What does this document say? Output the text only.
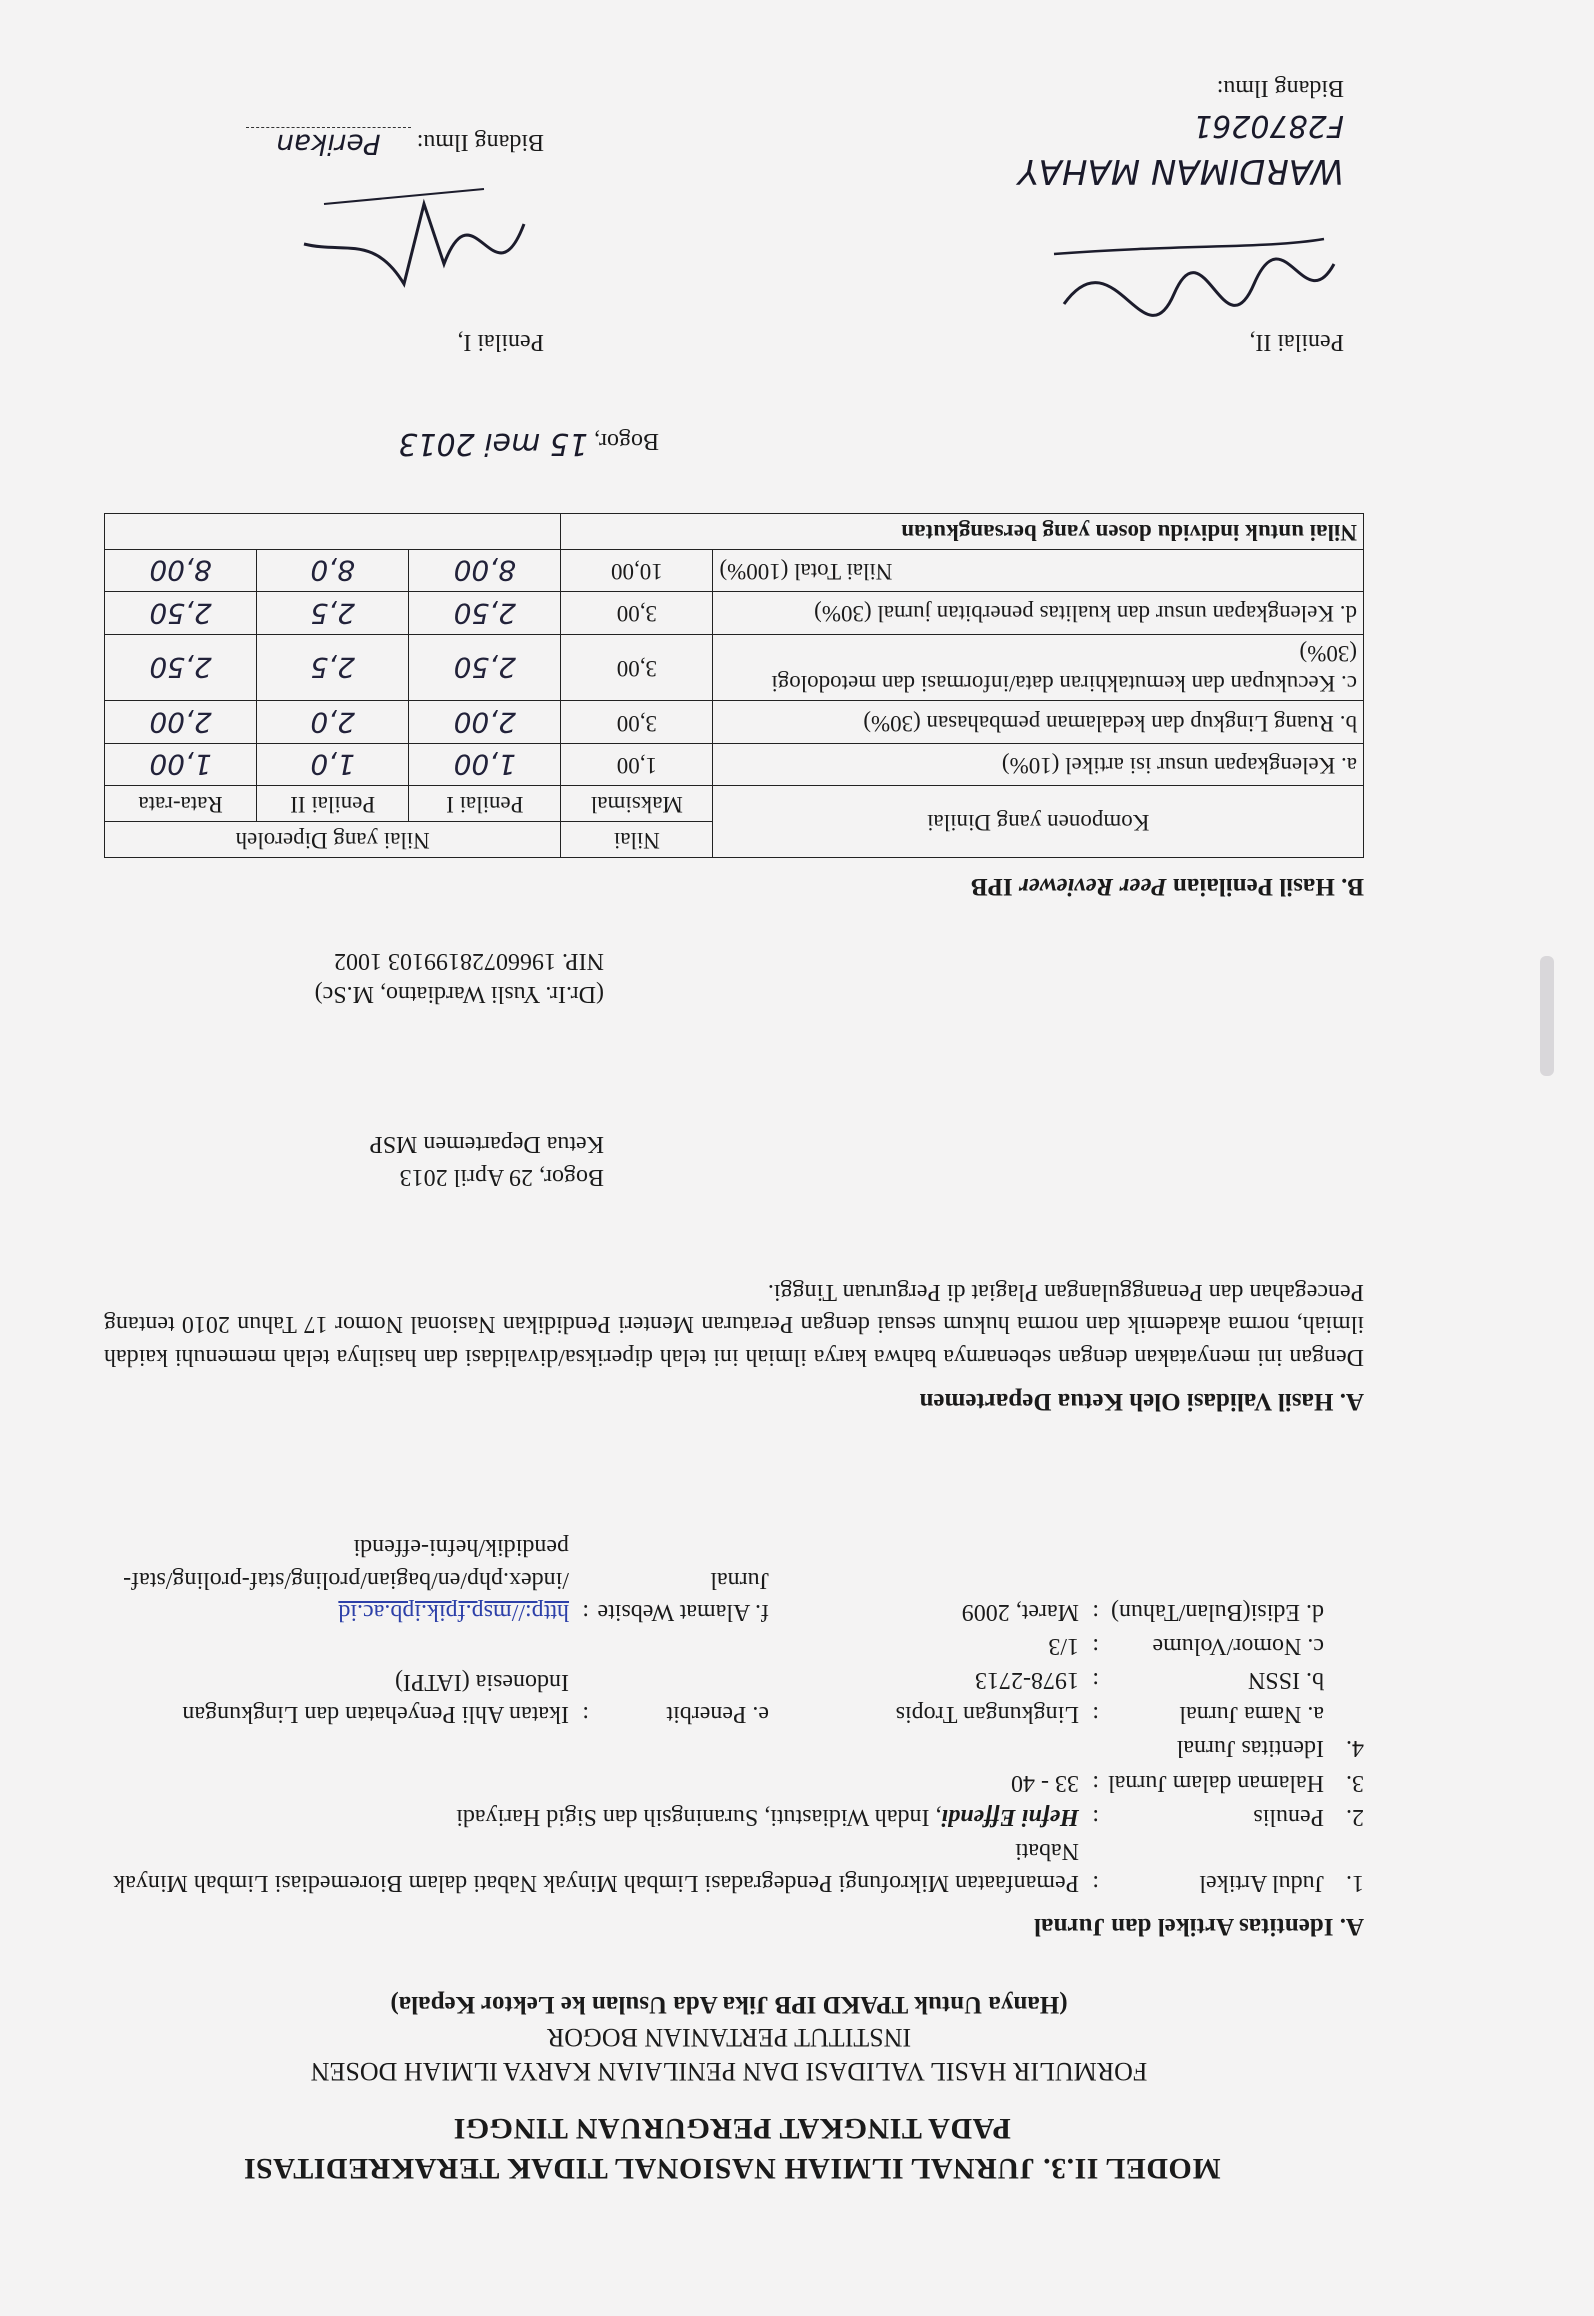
MODEL II.3. JURNAL ILMIAH NASIONAL TIDAK TERAKREDITASI
PADA TINGKAT PERGURUAN TINGGI
FORMULIR HASIL VALIDASI DAN PENILAIAN KARYA ILMIAH DOSEN
INSTITUT PERTANIAN BOGOR
(Hanya Untuk TPAKD IPB Jika Ada Usulan ke Lektor Kepala)
A. Identitas Artikel dan Jurnal
1.	Judul Artikel	:	Pemanfaatan Mikrofungi Pendegradasi Limbah Minyak Nabati dalam Bioremediasi Limbah Minyak Nabati			
2.	Penulis	:	Hefni Effendi, Indah Widiastuti, Suraningsih dan Sigid Hariyadi			
3.	Halaman dalam Jurnal	:	33 - 40			
4.	Identitas Jurnal					
	a. Nama Jurnal	:	Lingkungan Tropis	e. Penerbit	:	Ikatan Ahli Penyehatan dan Lingkungan Indonesia (IATPI)
	b. ISSN	:	1978-2713			
	c. Nomor/Volume	:	1/3			
	d. Edisi(Bulan/Tahun)	:	Maret, 2009	f. Alamat Website Jurnal	:	http://msp.fpik.ipb.ac.id /index.php/en/bagian/proling/staf-proling/staf-pendidik/hefni-effendi
A. Hasil Validasi Oleh Ketua Departemen
Dengan ini menyatakan dengan sebenarnya bahwa karya ilmiah ini telah diperiksa/divalidasi dan hasilnya telah memenuhi kaidah ilmiah, norma akademik dan norma hukum sesuai dengan Peraturan Menteri Pendidikan Nasional Nomor 17 Tahun 2010 tentang Pencegahan dan Penanggulangan Plagiat di Perguruan Tinggi.
Bogor, 29 April 2013
Ketua Departemen MSP
(Dr.Ir. Yusli Wardiatno, M.Sc)
NIP. 19660728199103 1002
B. Hasil Penilaian Peer Reviewer IPB
Komponen yang Dinilai	Nilai	Nilai yang Diperoleh		
	Maksimal	Penilai I	Penilai II	Rata-rata
a. Kelengkapan unsur isi artikel (10%)	1,00	1,00	1,0	1,00
b. Ruang Lingkup dan kedalaman pembahasan (30%)	3,00	2,00	2,0	2,00
c. Kecukupan dan kemutakhiran data/informasi dan metodologi (30%)	3,00	2,50	2,5	2,50
d. Kelengkapan unsur dan kualitas penerbitan jurnal (30%)	3,00	2,50	2,5	2,50
Nilai Total (100%)	10,00	8,00	8,0	8,00
Nilai untuk individu dosen yang bersangkutan				
Bogor, 15 mei 2013
Penilai II,
WARDIMAN MAHAY
F2870261
Bidang Ilmu:
Penilai I,
Bidang Ilmu: Perikan
